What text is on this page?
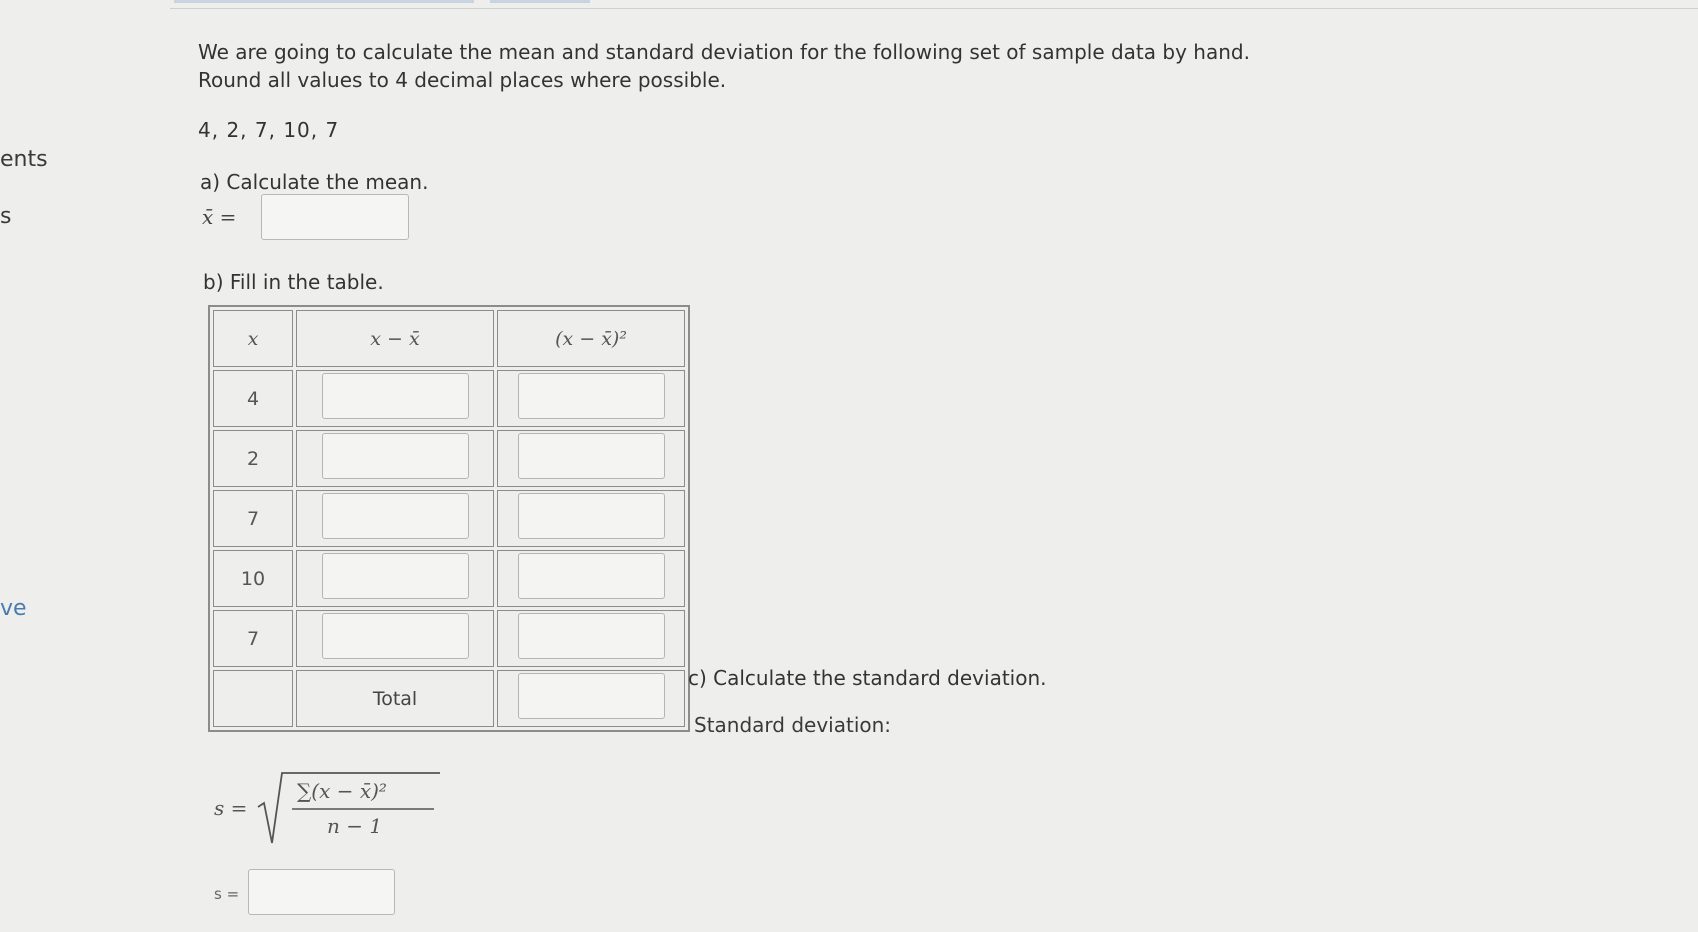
ents
s
ve

We are going to calculate the mean and standard deviation for the following set of sample data by hand.

Round all values to 4 decimal places where possible.

4, 2, 7, 10, 7
a) Calculate the mean.
x̄ =
b) Fill in the table.
x	x − x̄	(x − x̄)²
4		
2		
7		
10		
7		
	Total	
c) Calculate the standard deviation.
Standard deviation:
s =
∑(x − x̄)²
n − 1
s =
